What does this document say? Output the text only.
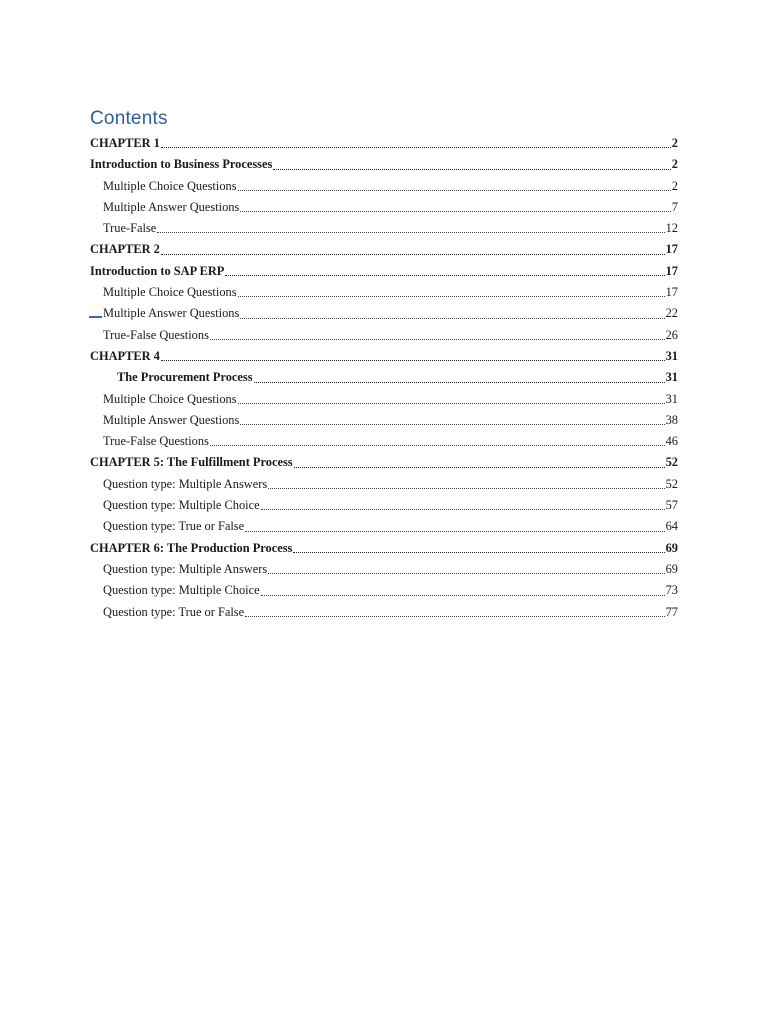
Contents
CHAPTER 1	2
Introduction to Business Processes	2
Multiple Choice Questions	2
Multiple Answer Questions	7
True-False	12
CHAPTER 2	17
Introduction to SAP ERP	17
Multiple Choice Questions	17
Multiple Answer Questions	22
True-False Questions	26
CHAPTER 4	31
The Procurement Process	31
Multiple Choice Questions	31
Multiple Answer Questions	38
True-False Questions	46
CHAPTER 5: The Fulfillment Process	52
Question type: Multiple Answers	52
Question type: Multiple Choice	57
Question type: True or False	64
CHAPTER 6: The Production Process	69
Question type: Multiple Answers	69
Question type: Multiple Choice	73
Question type: True or False	77
